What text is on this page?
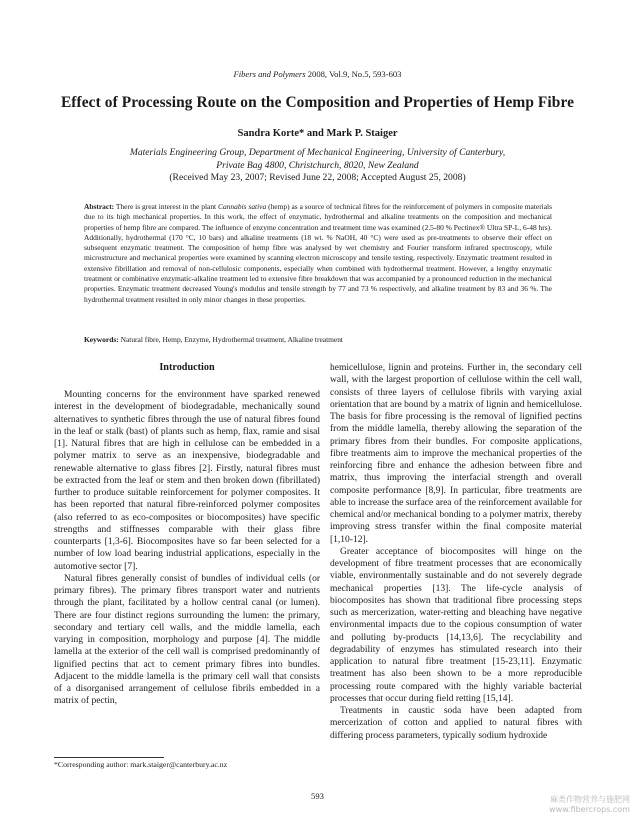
Fibers and Polymers 2008, Vol.9, No.5, 593-603
Effect of Processing Route on the Composition and Properties of Hemp Fibre
Sandra Korte* and Mark P. Staiger
Materials Engineering Group, Department of Mechanical Engineering, University of Canterbury,
Private Bag 4800, Christchurch, 8020, New Zealand
(Received May 23, 2007; Revised June 22, 2008; Accepted August 25, 2008)
Abstract: There is great interest in the plant Cannabis sativa (hemp) as a source of technical fibres for the reinforcement of polymers in composite materials due to its high mechanical properties. In this work, the effect of enzymatic, hydrothermal and alkaline treatments on the composition and mechanical properties of hemp fibre are compared. The influence of enzyme concentration and treatment time was examined (2.5-80 % Pectinex® Ultra SP-L, 6-48 hrs). Additionally, hydrothermal (170 °C, 10 bars) and alkaline treatments (18 wt. % NaOH, 40 °C) were used as pre-treatments to observe their effect on subsequent enzymatic treatment. The composition of hemp fibre was analysed by wet chemistry and Fourier transform infrared spectroscopy, while microstructure and mechanical properties were examined by scanning electron microscopy and tensile testing, respectively. Enzymatic treatment resulted in extensive fibrillation and removal of non-cellulosic components, especially when combined with hydrothermal treatment. However, a lengthy enzymatic treatment or combinative enzymatic-alkaline treatment led to extensive fibre breakdown that was accompanied by a pronounced reduction in the mechanical properties. Enzymatic treatment decreased Young's modulus and tensile strength by 77 and 73 % respectively, and alkaline treatment by 83 and 36 %. The hydrothermal treatment resulted in only minor changes in these properties.
Keywords: Natural fibre, Hemp, Enzyme, Hydrothermal treatment, Alkaline treatment
Introduction

Mounting concerns for the environment have sparked renewed interest in the development of biodegradable, mechanically sound alternatives to synthetic fibres through the use of natural fibres found in the leaf or stalk (bast) of plants such as hemp, flax, ramie and sisal [1]. Natural fibres that are high in cellulose can be embedded in a polymer matrix to serve as an inexpensive, biodegradable and renewable alternative to glass fibres [2]. Firstly, natural fibres must be extracted from the leaf or stem and then broken down (fibrillated) further to produce suitable reinforcement for polymer composites. It has been reported that natural fibre-reinforced polymer composites (also referred to as eco-composites or biocomposites) have specific strengths and stiffnesses comparable with their glass fibre counterparts [1,3-6]. Biocomposites have so far been selected for a number of low load bearing industrial applications, especially in the automotive sector [7].

Natural fibres generally consist of bundles of individual cells (or primary fibres). The primary fibres transport water and nutrients through the plant, facilitated by a hollow central canal (or lumen). There are four distinct regions surrounding the lumen: the primary, secondary and tertiary cell walls, and the middle lamella, each varying in composition, morphology and purpose [4]. The middle lamella at the exterior of the cell wall is comprised predominantly of lignified pectins that act to cement primary fibres into bundles. Adjacent to the middle lamella is the primary cell wall that consists of a disorganised arrangement of cellulose fibrils embedded in a matrix of pectin,

hemicellulose, lignin and proteins. Further in, the secondary cell wall, with the largest proportion of cellulose within the cell wall, consists of three layers of cellulose fibrils with varying axial orientation that are bound by a matrix of lignin and hemicellulose. The basis for fibre processing is the removal of lignified pectins from the middle lamella, thereby allowing the separation of the primary fibres from their bundles. For composite applications, fibre treatments aim to improve the mechanical properties of the reinforcing fibre and enhance the adhesion between fibre and matrix, thus improving the interfacial strength and overall composite performance [8,9]. In particular, fibre treatments are able to increase the surface area of the reinforcement available for chemical and/or mechanical bonding to a polymer matrix, thereby improving stress transfer within the final composite material [1,10-12].

Greater acceptance of biocomposites will hinge on the development of fibre treatment processes that are economically viable, environmentally sustainable and do not severely degrade mechanical properties [13]. The life-cycle analysis of biocomposites has shown that traditional fibre processing steps such as mercerization, water-retting and bleaching have negative environmental impacts due to the copious consumption of water and polluting by-products [14,13,6]. The recyclability and degradability of enzymes has stimulated research into their application to natural fibre treatment [15-23,11]. Enzymatic treatment has also been shown to be a more reproducible processing route compared with the highly variable bacterial processes that occur during field retting [15,14].

Treatments in caustic soda have been adapted from mercerization of cotton and applied to natural fibres with differing process parameters, typically sodium hydroxide

*Corresponding author: mark.staiger@canterbury.ac.nz
593	麻类作物营养与施肥网
www.fibercrops.com
